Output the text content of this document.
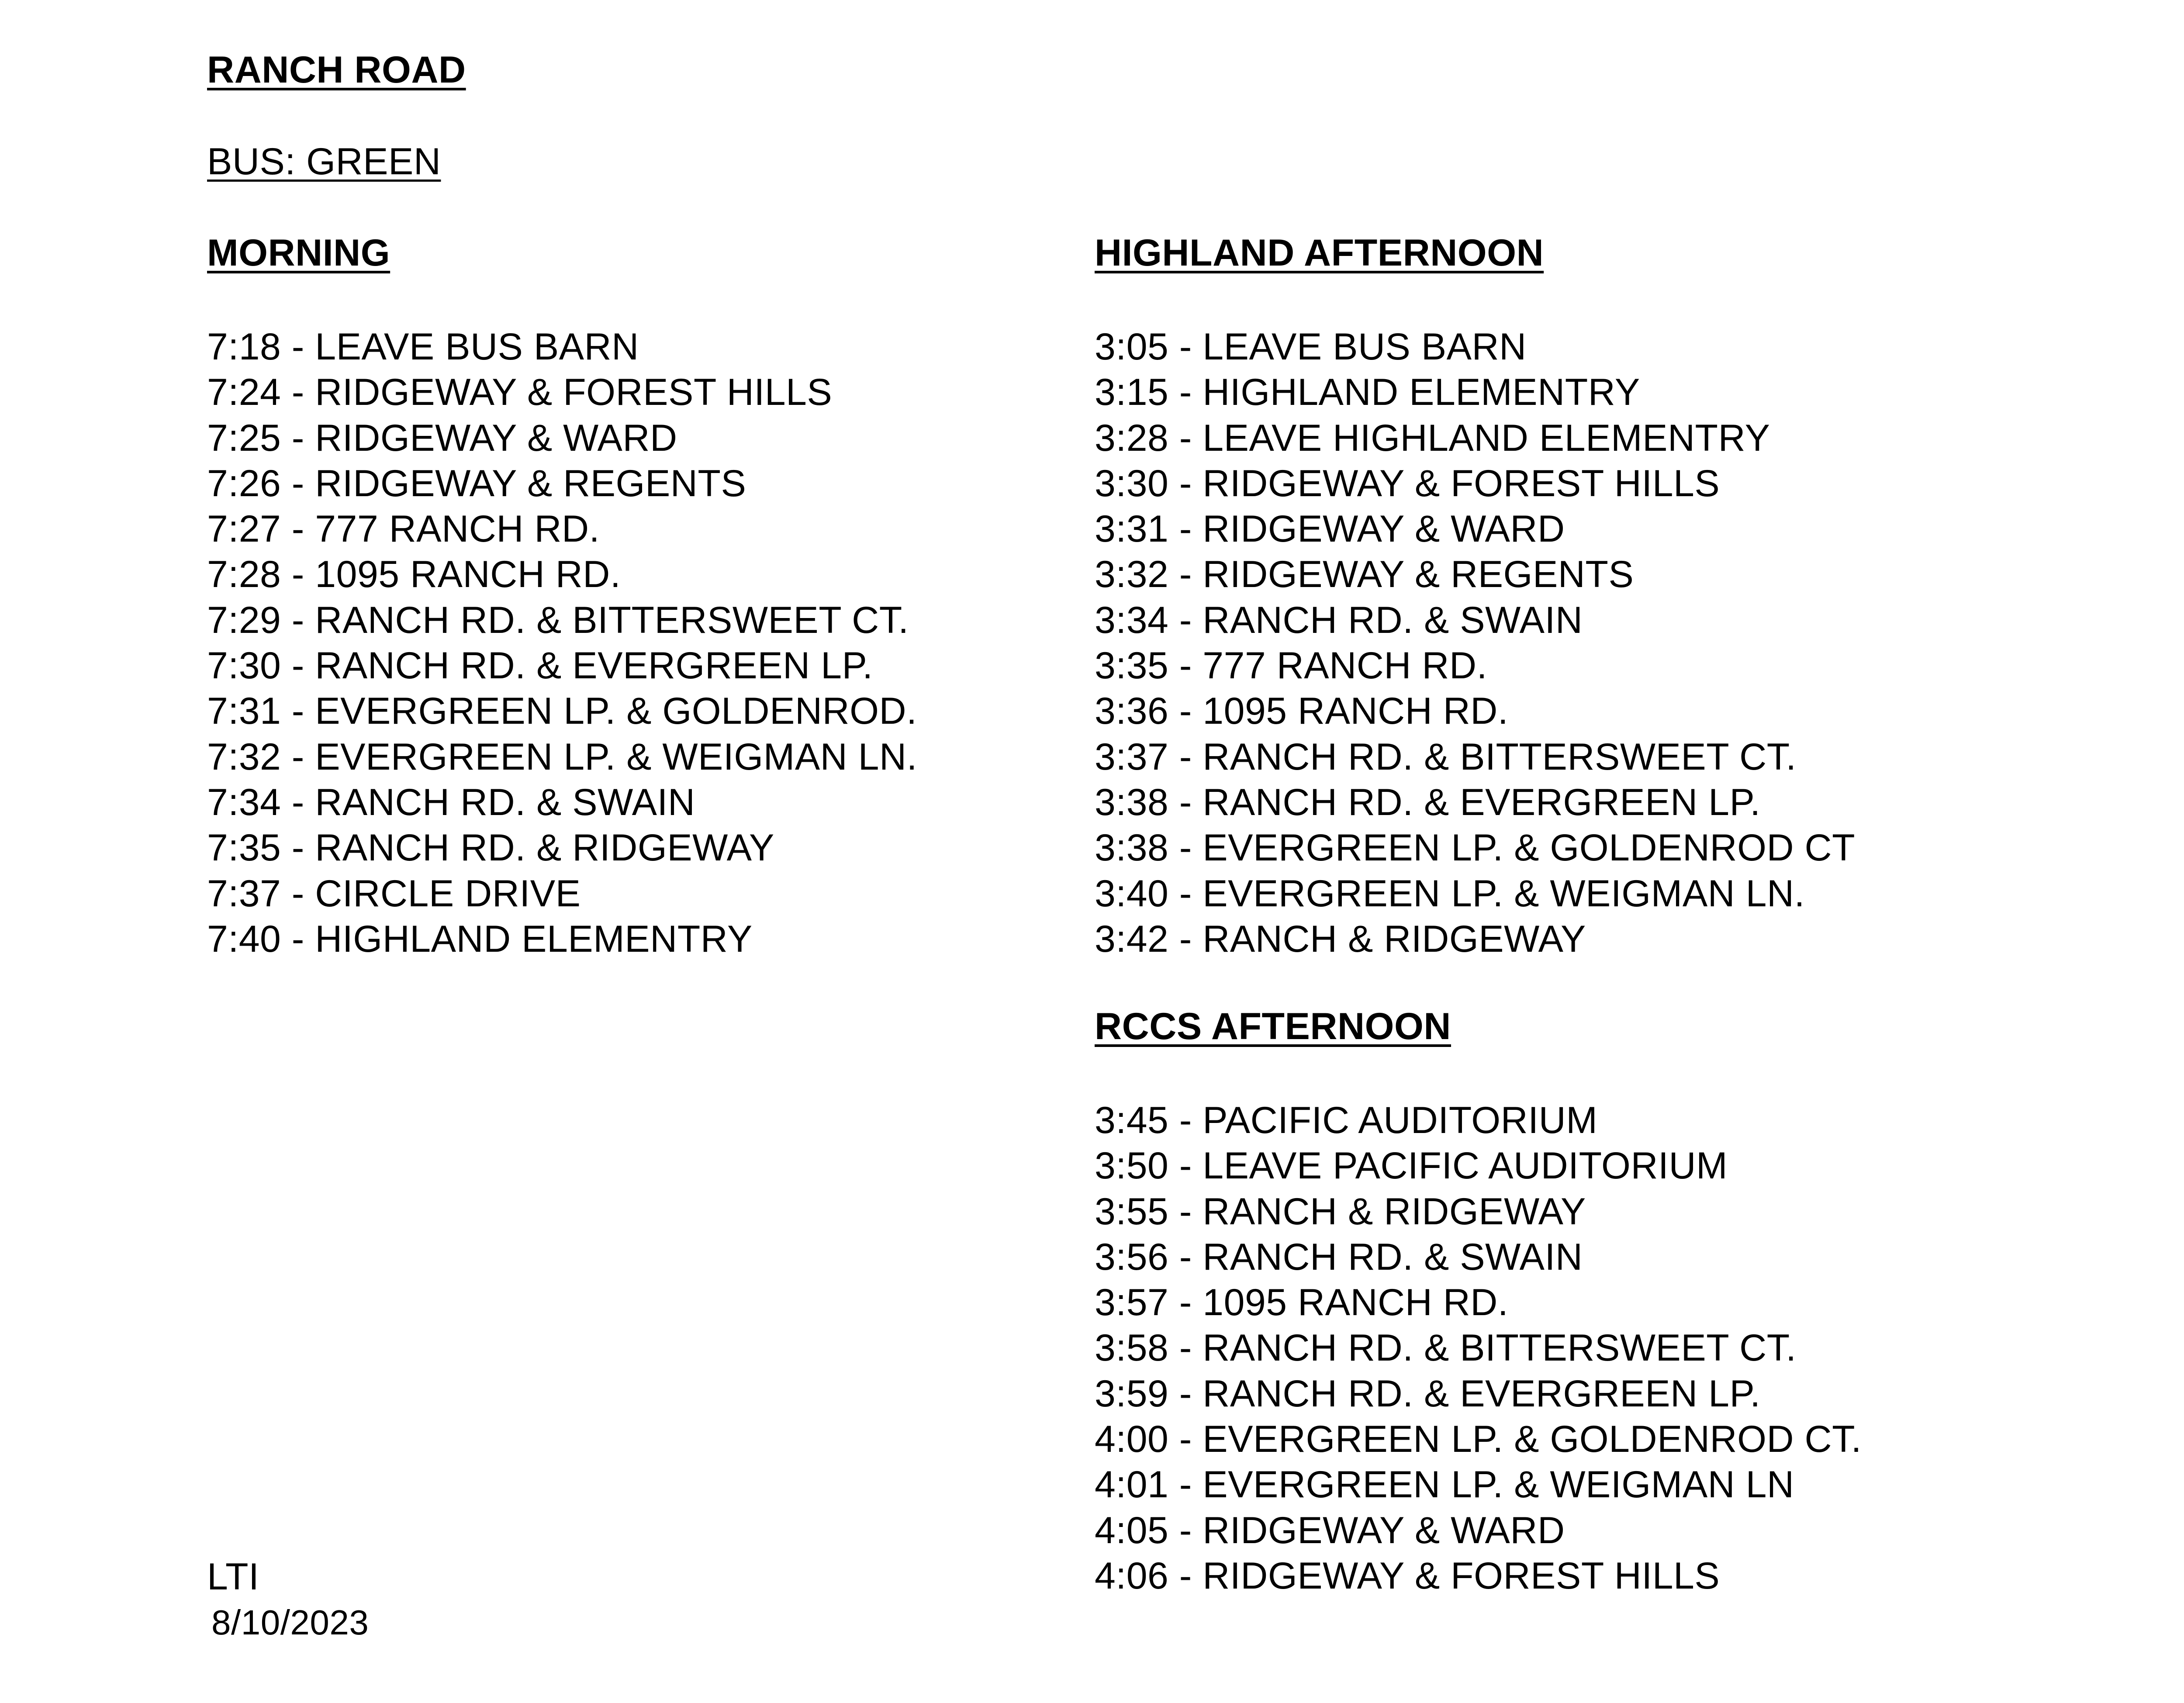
RANCH ROAD
BUS: GREEN
MORNING
7:18 - LEAVE BUS BARN
7:24 - RIDGEWAY & FOREST HILLS
7:25 - RIDGEWAY & WARD
7:26 - RIDGEWAY & REGENTS
7:27 - 777 RANCH RD.
7:28 - 1095 RANCH RD.
7:29 - RANCH RD. & BITTERSWEET CT.
7:30 - RANCH RD. & EVERGREEN LP.
7:31 - EVERGREEN LP. & GOLDENROD.
7:32 - EVERGREEN LP. & WEIGMAN LN.
7:34 - RANCH RD. & SWAIN
7:35 - RANCH RD. & RIDGEWAY
7:37 - CIRCLE DRIVE
7:40 - HIGHLAND ELEMENTRY
HIGHLAND AFTERNOON
3:05 - LEAVE BUS BARN
3:15 - HIGHLAND ELEMENTRY
3:28 - LEAVE HIGHLAND ELEMENTRY
3:30 - RIDGEWAY & FOREST HILLS
3:31 - RIDGEWAY & WARD
3:32 - RIDGEWAY & REGENTS
3:34 - RANCH RD. & SWAIN
3:35 - 777 RANCH RD.
3:36 - 1095 RANCH RD.
3:37 - RANCH RD. & BITTERSWEET CT.
3:38 - RANCH RD. & EVERGREEN LP.
3:38 - EVERGREEN LP. & GOLDENROD CT
3:40 - EVERGREEN LP. & WEIGMAN LN.
3:42 - RANCH & RIDGEWAY
RCCS AFTERNOON
3:45 - PACIFIC AUDITORIUM
3:50 - LEAVE PACIFIC AUDITORIUM
3:55 - RANCH & RIDGEWAY
3:56 - RANCH RD. & SWAIN
3:57 - 1095 RANCH RD.
3:58 - RANCH RD. & BITTERSWEET CT.
3:59 - RANCH RD. & EVERGREEN LP.
4:00 - EVERGREEN LP. & GOLDENROD CT.
4:01 - EVERGREEN LP. & WEIGMAN LN
4:05 - RIDGEWAY & WARD
4:06 - RIDGEWAY & FOREST HILLS
LTI
8/10/2023
